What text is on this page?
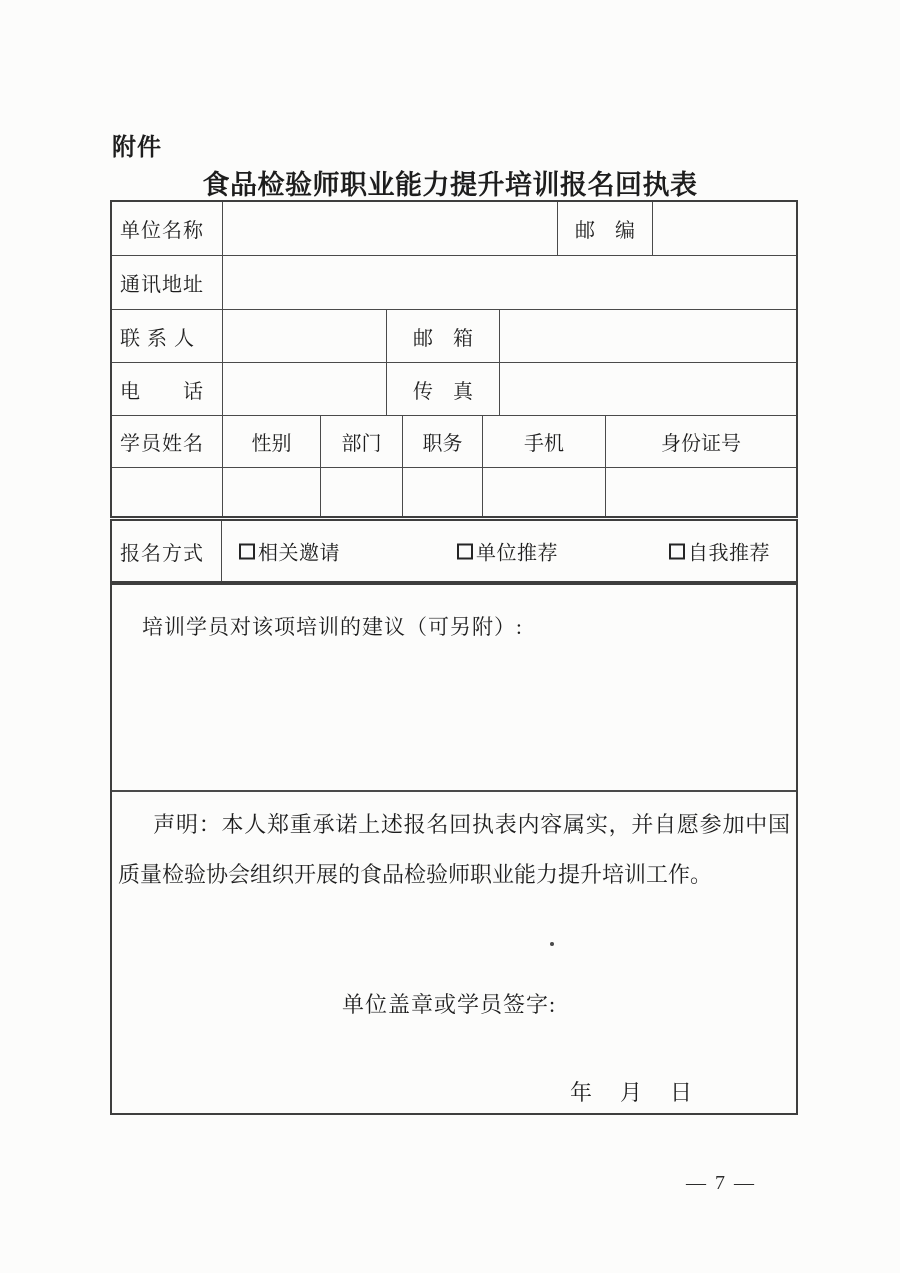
附件
食品检验师职业能力提升培训报名回执表
单位名称	邮　编
通讯地址
联 系 人	邮　箱
电　　话	传　真
学员姓名	性别	部门	职务	手机	身份证号
报名方式	相关邀请	单位推荐	自我推荐
培训学员对该项培训的建议（可另附）:

声明：本人郑重承诺上述报名回执表内容属实，并自愿参加中国质量检验协会组织开展的食品检验师职业能力提升培训工作。

单位盖章或学员签字:
年　月　日
— 7 —
